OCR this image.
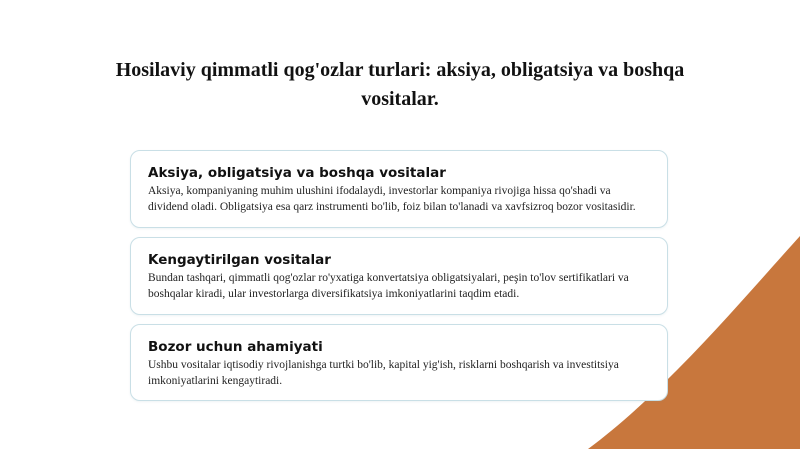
Hosilaviy qimmatli qog'ozlar turlari: aksiya, obligatsiya va boshqa vositalar.
Aksiya, obligatsiya va boshqa vositalar
Aksiya, kompaniyaning muhim ulushini ifodalaydi, investorlar kompaniya rivojiga hissa qo'shadi va dividend oladi. Obligatsiya esa qarz instrumenti bo'lib, foiz bilan to'lanadi va xavfsizroq bozor vositasidir.
Kengaytirilgan vositalar
Bundan tashqari, qimmatli qog'ozlar ro'yxatiga konvertatsiya obligatsiyalari, peşin to'lov sertifikatlari va boshqalar kiradi, ular investorlarga diversifikatsiya imkoniyatlarini taqdim etadi.
Bozor uchun ahamiyati
Ushbu vositalar iqtisodiy rivojlanishga turtki bo'lib, kapital yig'ish, risklarni boshqarish va investitsiya imkoniyatlarini kengaytiradi.
